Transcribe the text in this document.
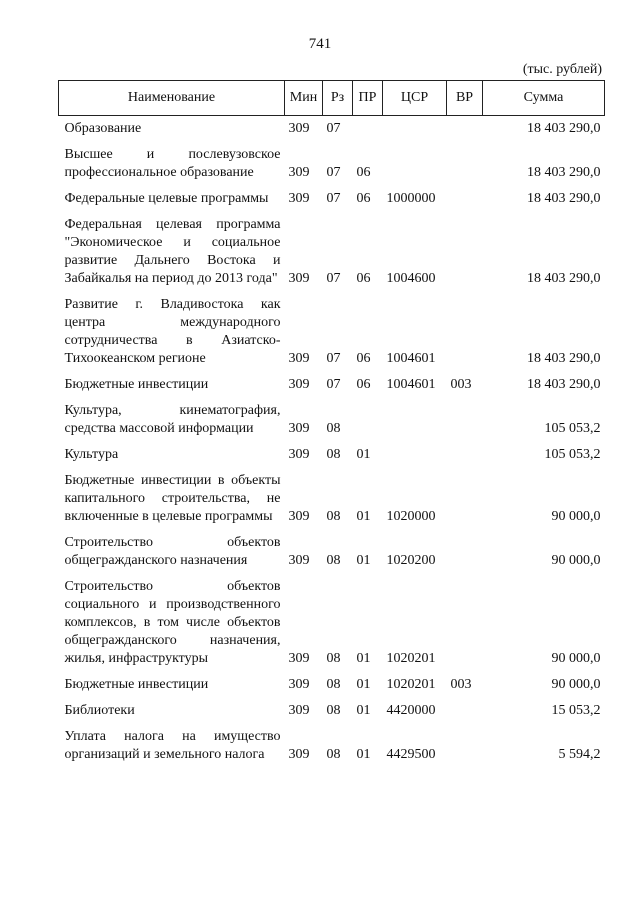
741
(тыс. рублей)
Наименование	Мин	Рз	ПР	ЦСР	ВР	Сумма
Образование	309	07				18 403 290,0
Высшее и послевузовское профессиональное образование	309	07	06			18 403 290,0
Федеральные целевые программы	309	07	06	1000000		18 403 290,0
Федеральная целевая программа "Экономическое и социальное развитие Дальнего Востока и Забайкалья на период до 2013 года"	309	07	06	1004600		18 403 290,0
Развитие г. Владивостока как центра международного сотрудничества в Азиатско-Тихоокеанском регионе	309	07	06	1004601		18 403 290,0
Бюджетные инвестиции	309	07	06	1004601	003	18 403 290,0
Культура, кинематография, средства массовой информации	309	08				105 053,2
Культура	309	08	01			105 053,2
Бюджетные инвестиции в объекты капитального строительства, не включенные в целевые программы	309	08	01	1020000		90 000,0
Строительство объектов общегражданского назначения	309	08	01	1020200		90 000,0
Строительство объектов социального и производственного комплексов, в том числе объектов общегражданского назначения, жилья, инфраструктуры	309	08	01	1020201		90 000,0
Бюджетные инвестиции	309	08	01	1020201	003	90 000,0
Библиотеки	309	08	01	4420000		15 053,2
Уплата налога на имущество организаций и земельного налога	309	08	01	4429500		5 594,2
